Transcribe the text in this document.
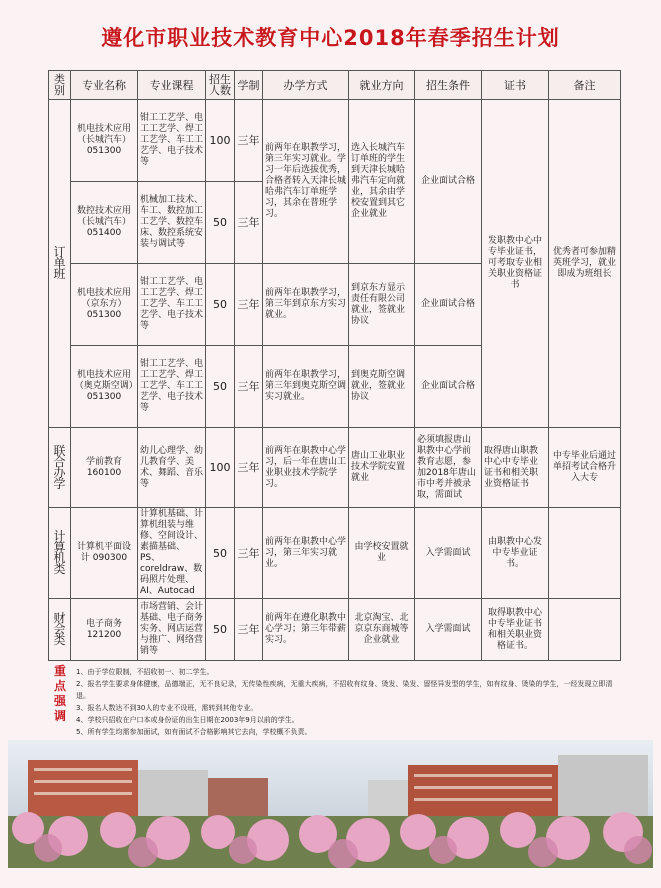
遵化市职业技术教育中心2018年春季招生计划
类别	专业名称	专业课程	招生人数	学制	办学方式	就业方向	招生条件	证书	备注
订单班	机电技术应用（长城汽车）051300	钳工工艺学、电工工艺学、焊工工艺学、车工工艺学、电子技术等	100	三年	前两年在职教学习，第三年实习就业。学习一年后选拔优秀，合格者转入天津长城哈弗汽车订单班学习，其余在普班学习。	选入长城汽车订单班的学生到天津长城哈弗汽车定向就业，其余由学校安置到其它企业就业	企业面试合格	发职教中心中专毕业证书，可考取专业相关职业资格证书	优秀者可参加精英班学习，就业即成为班组长
	数控技术应用（长城汽车）051400	机械加工技术、车工、数控加工工艺学、数控车床、数控系统安装与调试等	50	三年					
	机电技术应用（京东方）051300	钳工工艺学、电工工艺学、焊工工艺学、车工工艺学、电子技术等	50	三年	前两年在职教学习，第三年到京东方实习就业。	到京东方显示责任有限公司就业，签就业协议	企业面试合格		
	机电技术应用（奥克斯空调）051300	钳工工艺学、电工工艺学、焊工工艺学、车工工艺学、电子技术等	50	三年	前两年在职教学习，第三年到奥克斯空调实习就业。	到奥克斯空调就业，签就业协议	企业面试合格		
联合办学	学前教育 160100	幼儿心理学、幼儿教育学、美术、舞蹈、音乐等	100	三年	前两年在职教中心学习，后一年在唐山工业职业技术学院学习。	唐山工业职业技术学院安置就业	必须填报唐山职教中心学前教育志愿，参加2018年唐山市中考并被录取，需面试	取得唐山职教中心中专毕业证书和相关职业资格证书	中专毕业后通过单招考试合格升入大专
计算机类	计算机平面设计 090300	计算机基础、计算机组装与维修、空间设计、素描基础、PS、coreldraw、数码照片处理、AI、Autocad	50	三年	前两年在职教中心学习，第三年实习就业。	由学校安置就业	入学需面试	由职教中心发中专毕业证书。	
财会类	电子商务 121200	市场营销、会计基础、电子商务实务、网店运营与推广、网络营销等	50	三年	前两年在遵化职教中心学习；第三年带薪实习。	北京淘宝、北京京东商城等企业就业	入学需面试	取得职教中心中专毕业证书和相关职业资格证书。	
重点强调
1、由于学位限制，不招收初一、初二学生。
2、报名学生要求身体健康，品德端正，无不良记录，无传染性疾病，无重大疾病，不招收有纹身、烫发、染发、留怪异发型的学生，如有纹身、烫染的学生，一经发现立即清退。
3、报名人数达不到30人的专业不设班，需转到其他专业。
4、学校只招收在户口本或身份证的出生日期在2003年9月以前的学生。
5、所有学生均需参加面试，如有面试不合格影响其它去向，学校概不负责。
